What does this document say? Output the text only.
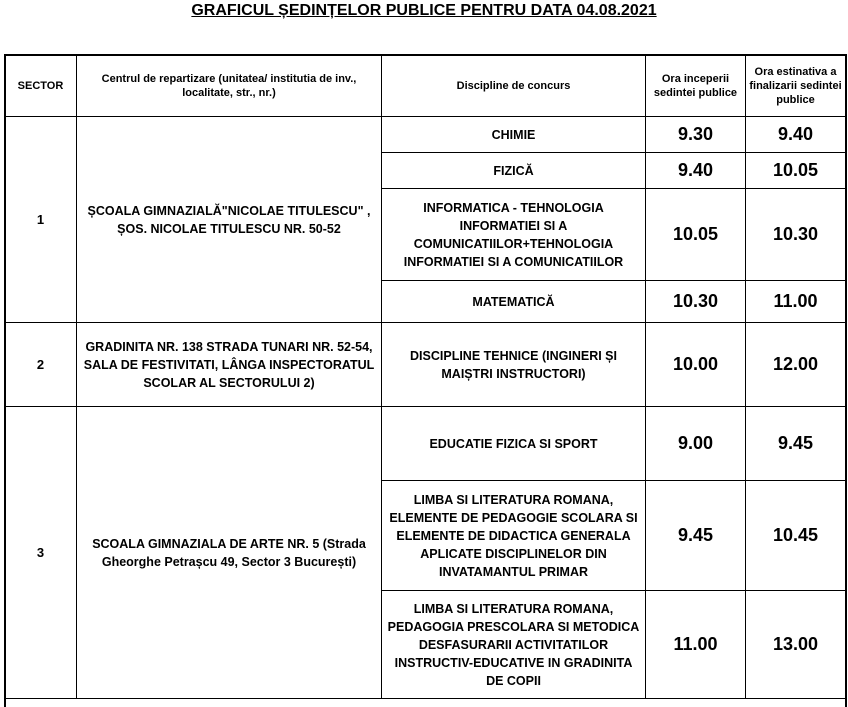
GRAFICUL ȘEDINȚELOR PUBLICE PENTRU DATA 04.08.2021
SECTOR	Centrul de repartizare (unitatea/ institutia de inv., localitate, str., nr.)	Discipline de concurs	Ora inceperii sedintei publice	Ora estinativa a finalizarii sedintei publice
1	ȘCOALA GIMNAZIALĂ"NICOLAE TITULESCU" , ȘOS. NICOLAE TITULESCU NR. 50-52	CHIMIE	9.30	9.40
		FIZICĂ	9.40	10.05
		INFORMATICA - TEHNOLOGIA INFORMATIEI SI A COMUNICATIILOR+TEHNOLOGIA INFORMATIEI SI A COMUNICATIILOR	10.05	10.30
		MATEMATICĂ	10.30	11.00
2	GRADINITA NR. 138 STRADA TUNARI NR. 52-54, SALA DE FESTIVITATI, LÂNGA INSPECTORATUL SCOLAR AL SECTORULUI 2)	DISCIPLINE TEHNICE (INGINERI ȘI MAIȘTRI INSTRUCTORI)	10.00	12.00
3	SCOALA GIMNAZIALA DE ARTE NR. 5 (Strada Gheorghe Petrașcu 49, Sector 3 București)	EDUCATIE FIZICA SI SPORT	9.00	9.45
		LIMBA SI LITERATURA ROMANA, ELEMENTE DE PEDAGOGIE SCOLARA SI ELEMENTE DE DIDACTICA GENERALA APLICATE DISCIPLINELOR DIN INVATAMANTUL PRIMAR	9.45	10.45
		LIMBA SI LITERATURA ROMANA, PEDAGOGIA PRESCOLARA SI METODICA DESFASURARII ACTIVITATILOR INSTRUCTIV-EDUCATIVE IN GRADINITA DE COPII	11.00	13.00
